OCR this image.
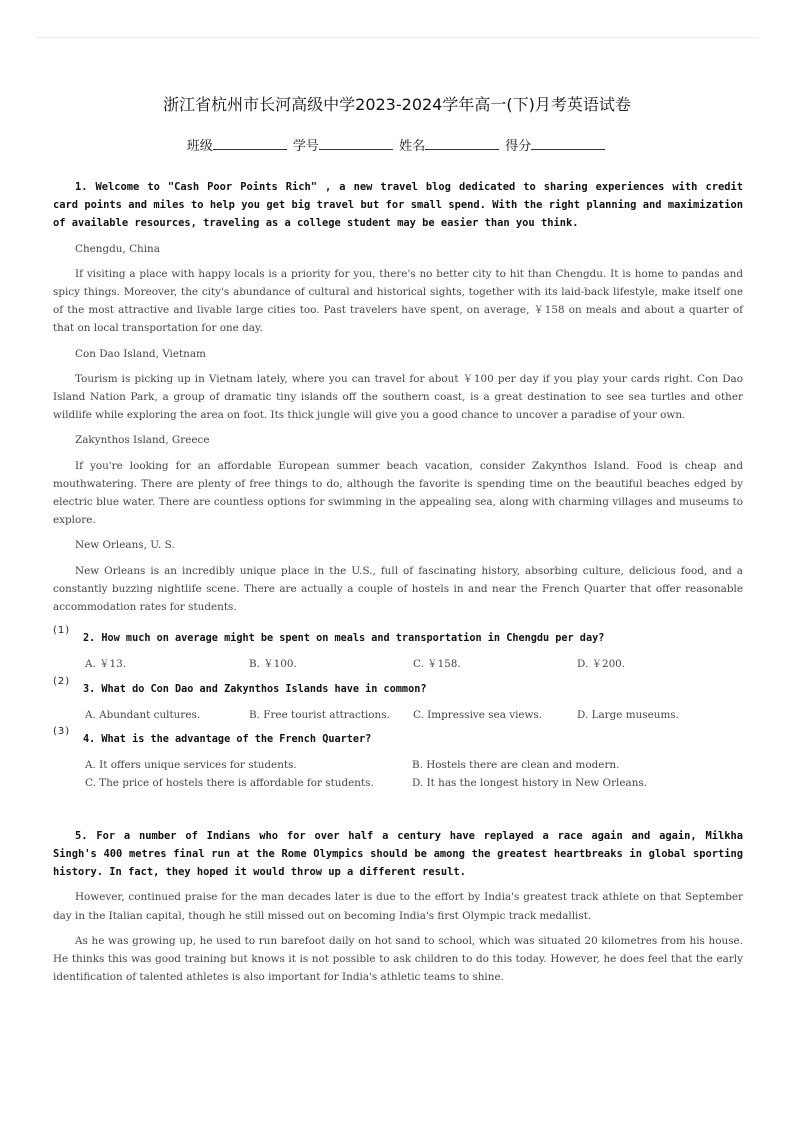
浙江省杭州市长河高级中学2023-2024学年高一(下)月考英语试卷
班级	学号	姓名	得分

1. Welcome to "Cash Poor Points Rich" , a new travel blog dedicated to sharing experiences with credit card points and miles to help you get big travel but for small spend. With the right planning and maximization of available resources, traveling as a college student may be easier than you think.

Chengdu, China

If visiting a place with happy locals is a priority for you, there's no better city to hit than Chengdu. It is home to pandas and spicy things. Moreover, the city's abundance of cultural and historical sights, together with its laid-back lifestyle, make itself one of the most attractive and livable large cities too. Past travelers have spent, on average, ￥158 on meals and about a quarter of that on local transportation for one day.

Con Dao Island, Vietnam

Tourism is picking up in Vietnam lately, where you can travel for about ￥100 per day if you play your cards right. Con Dao Island Nation Park, a group of dramatic tiny islands off the southern coast, is a great destination to see sea turtles and other wildlife while exploring the area on foot. Its thick jungle will give you a good chance to uncover a paradise of your own.

Zakynthos Island, Greece

If you're looking for an affordable European summer beach vacation, consider Zakynthos Island. Food is cheap and mouthwatering. There are plenty of free things to do, although the favorite is spending time on the beautiful beaches edged by electric blue water. There are countless options for swimming in the appealing sea, along with charming villages and museums to explore.

New Orleans, U. S.

New Orleans is an incredibly unique place in the U.S., full of fascinating history, absorbing culture, delicious food, and a constantly buzzing nightlife scene. There are actually a couple of hostels in and near the French Quarter that offer reasonable accommodation rates for students.

(1)

2. How much on average might be spent on meals and transportation in Chengdu per day?

A. ￥13.	B. ￥100.	C. ￥158.	D. ￥200.
(2)

3. What do Con Dao and Zakynthos Islands have in common?

A. Abundant cultures.	B. Free tourist attractions.	C. Impressive sea views.	D. Large museums.
(3)

4. What is the advantage of the French Quarter?

A. It offers unique services for students.	B. Hostels there are clean and modern.
C. The price of hostels there is affordable for students.	D. It has the longest history in New Orleans.

5. For a number of Indians who for over half a century have replayed a race again and again, Milkha Singh's 400 metres final run at the Rome Olympics should be among the greatest heartbreaks in global sporting history. In fact, they hoped it would throw up a different result.

However, continued praise for the man decades later is due to the effort by India's greatest track athlete on that September day in the Italian capital, though he still missed out on becoming India's first Olympic track medallist.

As he was growing up, he used to run barefoot daily on hot sand to school, which was situated 20 kilometres from his house. He thinks this was good training but knows it is not possible to ask children to do this today. However, he does feel that the early identification of talented athletes is also important for India's athletic teams to shine.
